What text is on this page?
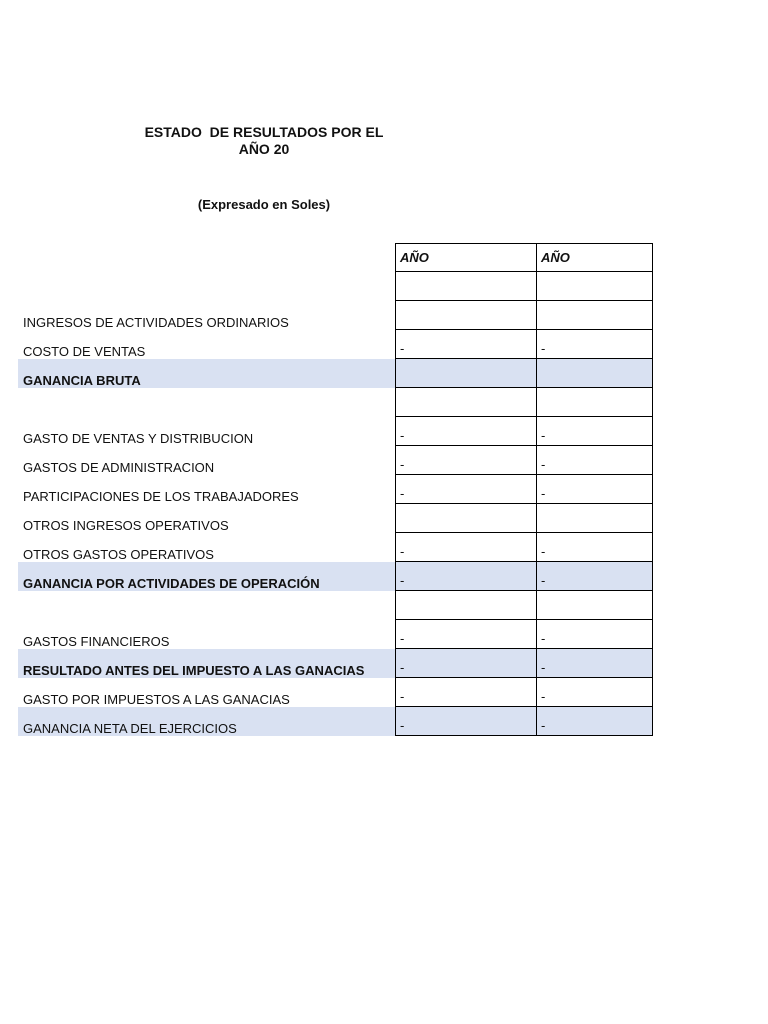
ESTADO  DE RESULTADOS POR EL
AÑO 20
(Expresado en Soles)
AÑO	AÑO
INGRESOS DE ACTIVIDADES ORDINARIOS
COSTO DE VENTAS	-	-
GANANCIA BRUTA
GASTO DE VENTAS Y DISTRIBUCION	-	-
GASTOS DE ADMINISTRACION	-	-
PARTICIPACIONES DE LOS TRABAJADORES	-	-
OTROS INGRESOS OPERATIVOS
OTROS GASTOS OPERATIVOS	-	-
GANANCIA POR ACTIVIDADES DE OPERACIÓN	-	-
GASTOS FINANCIEROS	-	-
RESULTADO ANTES DEL IMPUESTO A LAS GANACIAS	-	-
GASTO POR IMPUESTOS A LAS GANACIAS	-	-
GANANCIA NETA DEL EJERCICIOS	-	-
